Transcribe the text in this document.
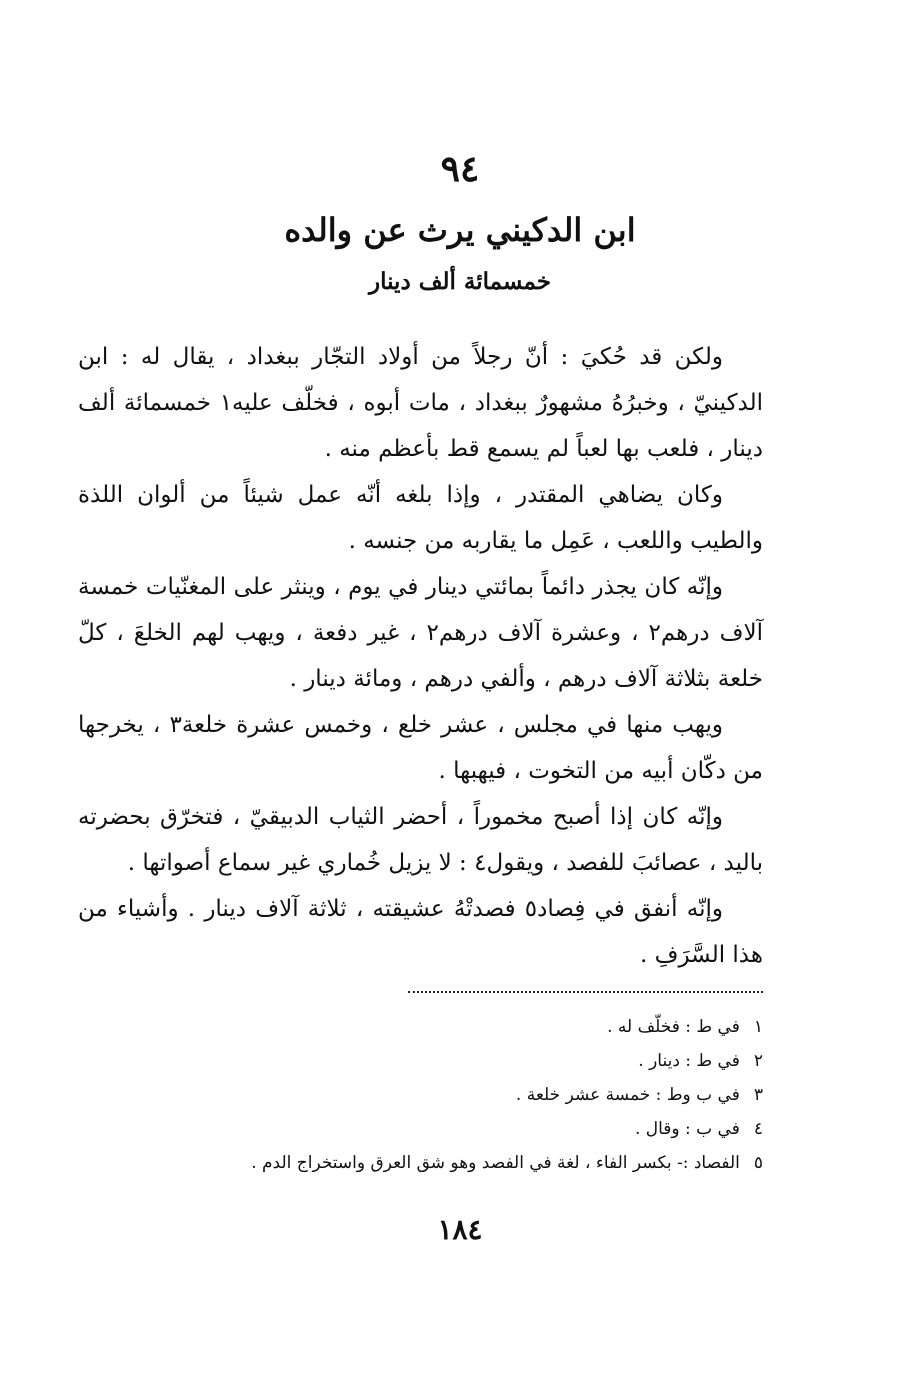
٩٤
ابن الدكيني يرث عن والده
خمسمائة ألف دينار

ولكن قد حُكيَ : أنّ رجلاً من أولاد التجّار ببغداد ، يقال له : ابن الدكينيّ ، وخبرُهُ مشهورٌ ببغداد ، مات أبوه ، فخلّف عليه١ خمسمائة ألف دينار ، فلعب بها لعباً لم يسمع قط بأعظم منه .

وكان يضاهي المقتدر ، وإذا بلغه أنّه عمل شيئاً من ألوان اللذة والطيب واللعب ، عَمِل ما يقاربه من جنسه .

وإنّه كان يجذر دائماً بمائتي دينار في يوم ، وينثر على المغنّيات خمسة آلاف درهم٢ ، وعشرة آلاف درهم٢ ، غير دفعة ، ويهب لهم الخلعَ ، كلّ خلعة بثلاثة آلاف درهم ، وألفي درهم ، ومائة دينار .

ويهب منها في مجلس ، عشر خلع ، وخمس عشرة خلعة٣ ، يخرجها من دكّان أبيه من التخوت ، فيهبها .

وإنّه كان إذا أصبح مخموراً ، أحضر الثياب الدبيقيّ ، فتخرّق بحضرته باليد ، عصائبَ للفصد ، ويقول٤ : لا يزيل خُماري غير سماع أصواتها .

وإنّه أنفق في فِصاد٥ فصدتْهُ عشيقته ، ثلاثة آلاف دينار . وأشياء من هذا السَّرَفِ .

١
في ط : فخلّف له .
٢
في ط : دينار .
٣
في ب وط : خمسة عشر خلعة .
٤
في ب : وقال .
٥
الفصاد :- بكسر الفاء ، لغة في الفصد وهو شق العرق واستخراج الدم .
١٨٤
